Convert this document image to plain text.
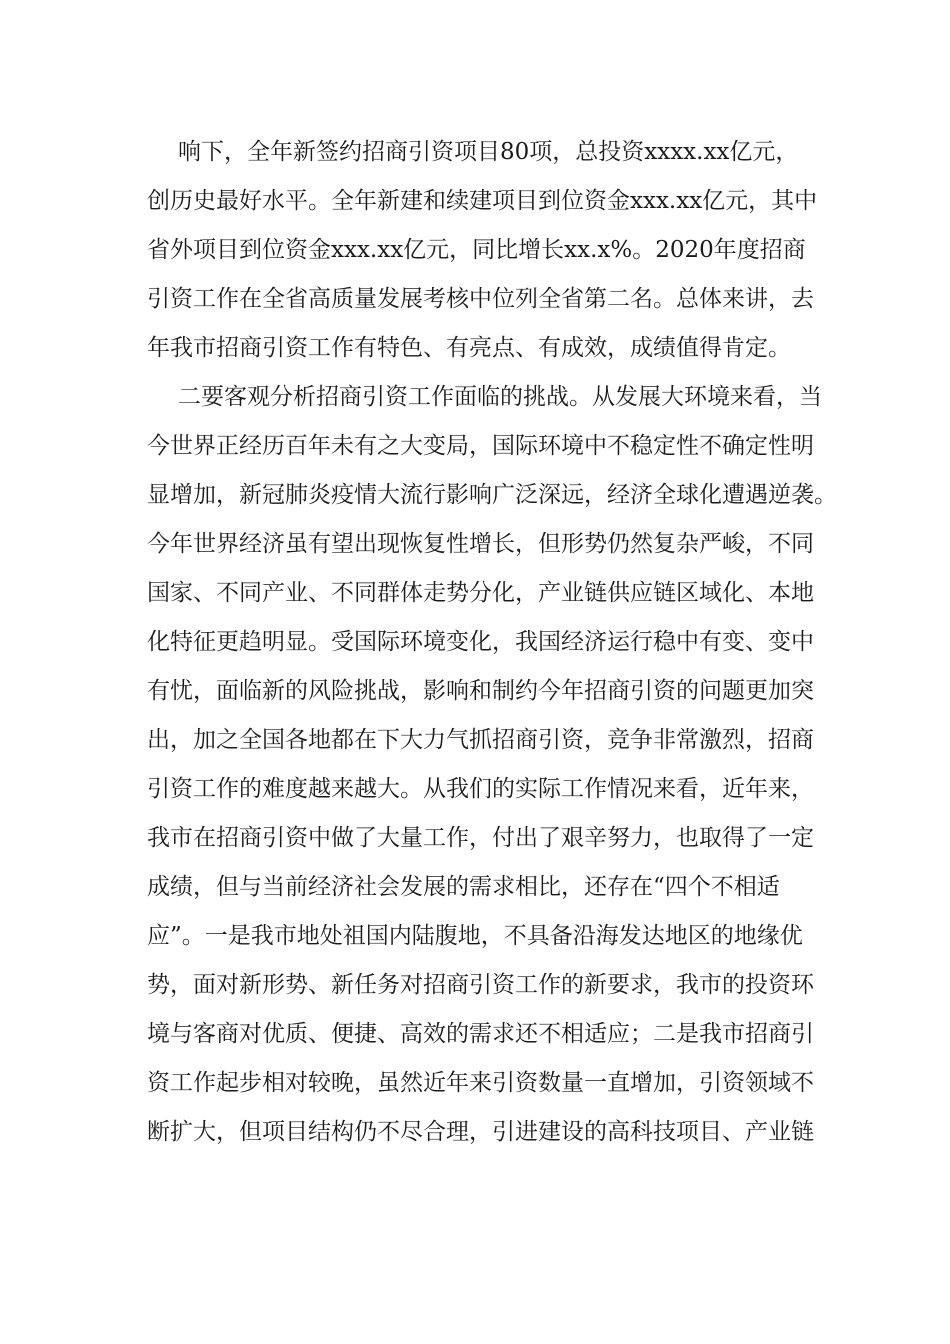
响下，全年新签约招商引资项目80项，总投资xxxx.xx亿元，
创历史最好水平。全年新建和续建项目到位资金xxx.xx亿元，其中
省外项目到位资金xxx.xx亿元，同比增长xx.x%。2020年度招商
引资工作在全省高质量发展考核中位列全省第二名。总体来讲，去
年我市招商引资工作有特色、有亮点、有成效，成绩值得肯定。
二要客观分析招商引资工作面临的挑战。从发展大环境来看，当
今世界正经历百年未有之大变局，国际环境中不稳定性不确定性明
显增加，新冠肺炎疫情大流行影响广泛深远，经济全球化遭遇逆袭。
今年世界经济虽有望出现恢复性增长，但形势仍然复杂严峻，不同
国家、不同产业、不同群体走势分化，产业链供应链区域化、本地
化特征更趋明显。受国际环境变化，我国经济运行稳中有变、变中
有忧，面临新的风险挑战，影响和制约今年招商引资的问题更加突
出，加之全国各地都在下大力气抓招商引资，竞争非常激烈，招商
引资工作的难度越来越大。从我们的实际工作情况来看，近年来，
我市在招商引资中做了大量工作，付出了艰辛努力，也取得了一定
成绩，但与当前经济社会发展的需求相比，还存在“四个不相适
应”。一是我市地处祖国内陆腹地，不具备沿海发达地区的地缘优
势，面对新形势、新任务对招商引资工作的新要求，我市的投资环
境与客商对优质、便捷、高效的需求还不相适应；二是我市招商引
资工作起步相对较晚，虽然近年来引资数量一直增加，引资领域不
断扩大，但项目结构仍不尽合理，引进建设的高科技项目、产业链
